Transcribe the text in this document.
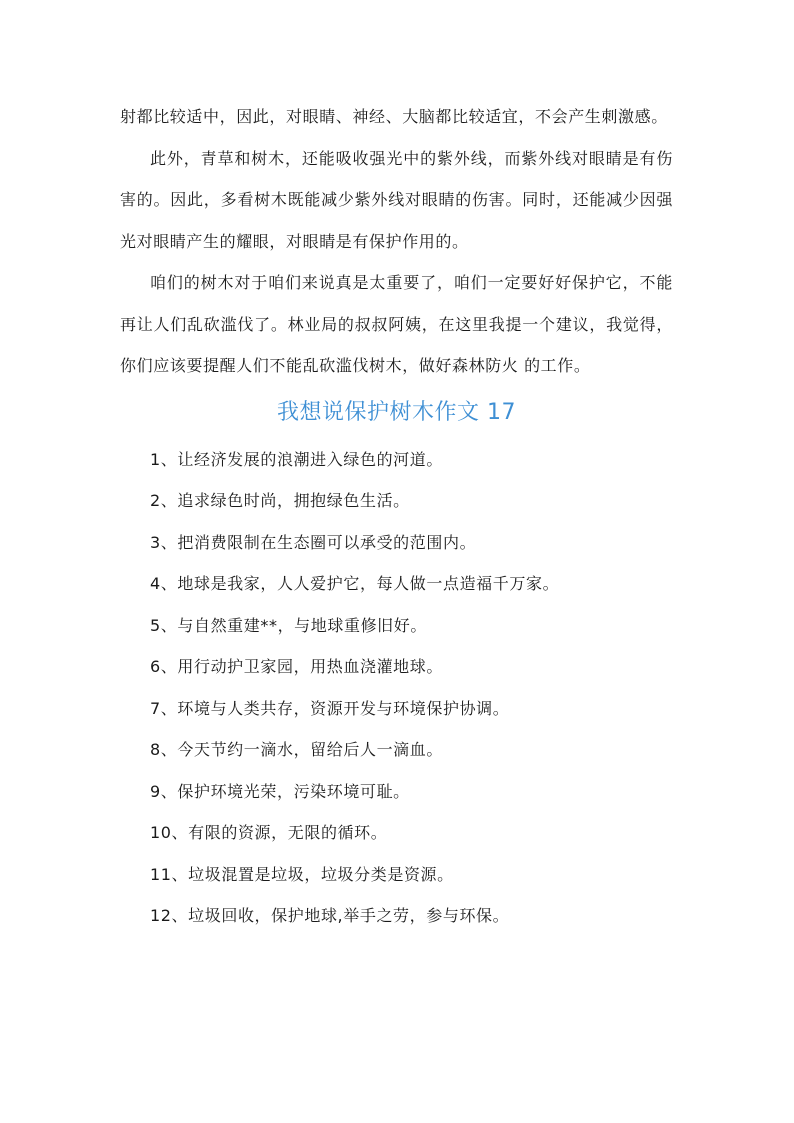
射都比较适中，因此，对眼睛、神经、大脑都比较适宜，不会产生刺激感。

此外，青草和树木，还能吸收强光中的紫外线，而紫外线对眼睛是有伤害的。因此，多看树木既能减少紫外线对眼睛的伤害。同时，还能减少因强光对眼睛产生的耀眼，对眼睛是有保护作用的。

咱们的树木对于咱们来说真是太重要了，咱们一定要好好保护它，不能再让人们乱砍滥伐了。林业局的叔叔阿姨，在这里我提一个建议，我觉得，你们应该要提醒人们不能乱砍滥伐树木，做好森林防火 的工作。

我想说保护树木作文 17
1、让经济发展的浪潮进入绿色的河道。
2、追求绿色时尚，拥抱绿色生活。
3、把消费限制在生态圈可以承受的范围内。
4、地球是我家，人人爱护它，每人做一点造福千万家。
5、与自然重建**，与地球重修旧好。
6、用行动护卫家园，用热血浇灌地球。
7、环境与人类共存，资源开发与环境保护协调。
8、今天节约一滴水，留给后人一滴血。
9、保护环境光荣，污染环境可耻。
10、有限的资源，无限的循环。
11、垃圾混置是垃圾，垃圾分类是资源。
12、垃圾回收，保护地球,举手之劳，参与环保。
